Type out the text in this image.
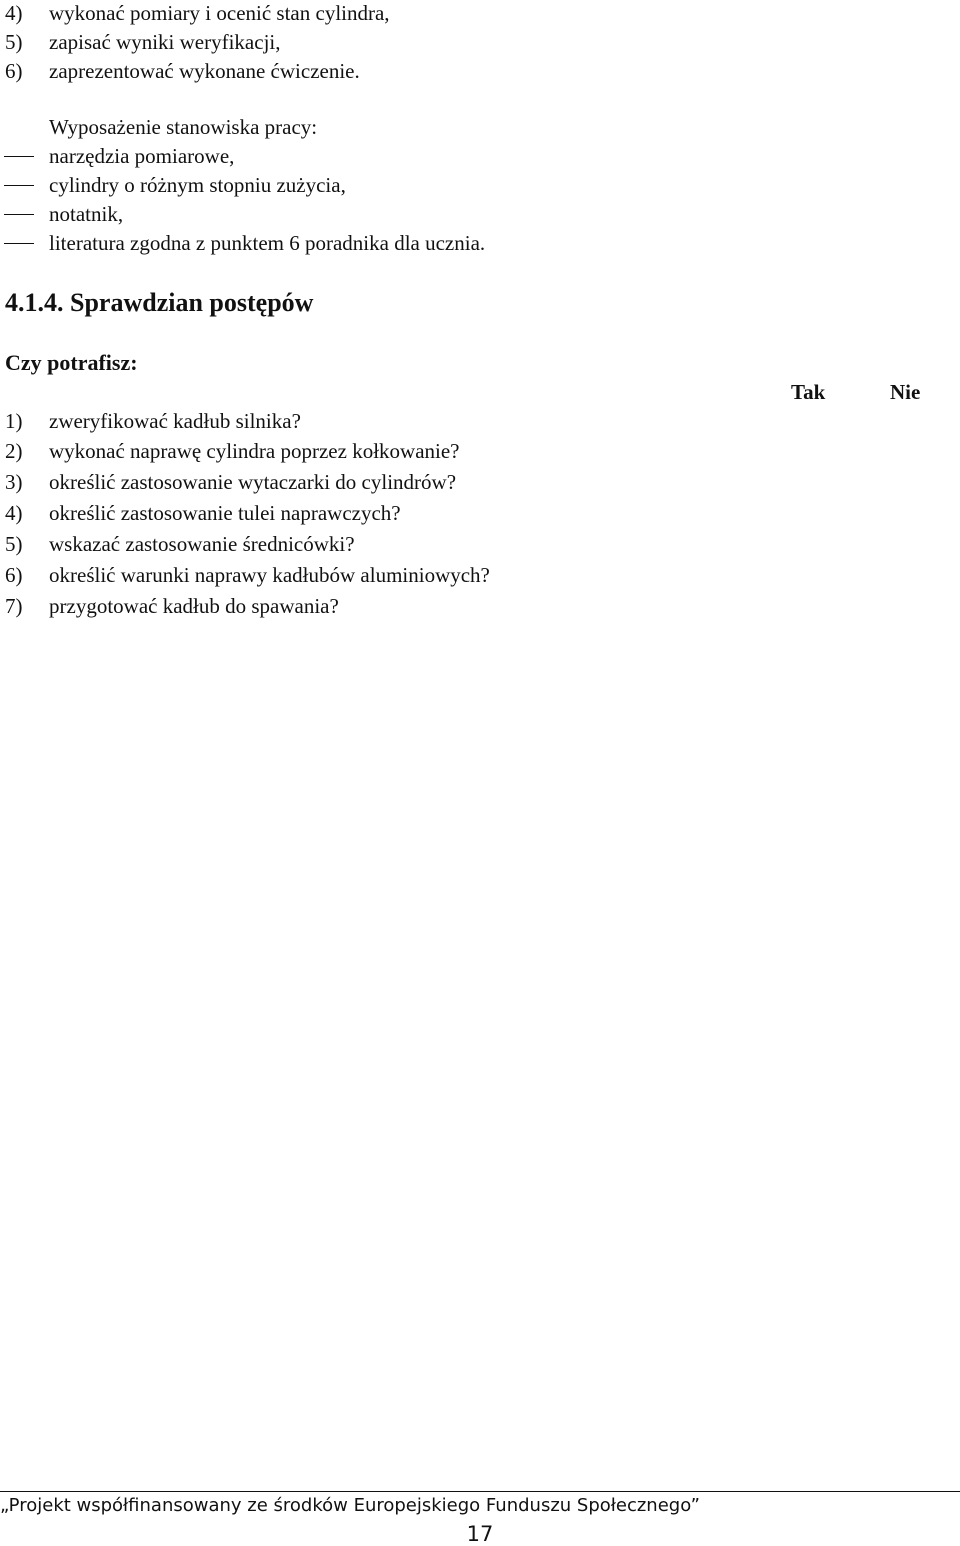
4) wykonać pomiary i ocenić stan cylindra,
5) zapisać wyniki weryfikacji,
6) zaprezentować wykonane ćwiczenie.
Wyposażenie stanowiska pracy:
narzędzia pomiarowe,
cylindry o różnym stopniu zużycia,
notatnik,
literatura zgodna z punktem 6 poradnika dla ucznia.
4.1.4. Sprawdzian postępów
Czy potrafisz:
Tak	Nie
1) zweryfikować kadłub silnika?
2) wykonać naprawę cylindra poprzez kołkowanie?
3) określić zastosowanie wytaczarki do cylindrów?
4) określić zastosowanie tulei naprawczych?
5) wskazać zastosowanie średnicówki?
6) określić warunki naprawy kadłubów aluminiowych?
7) przygotować kadłub do spawania?
„Projekt współfinansowany ze środków Europejskiego Funduszu Społecznego”
17
